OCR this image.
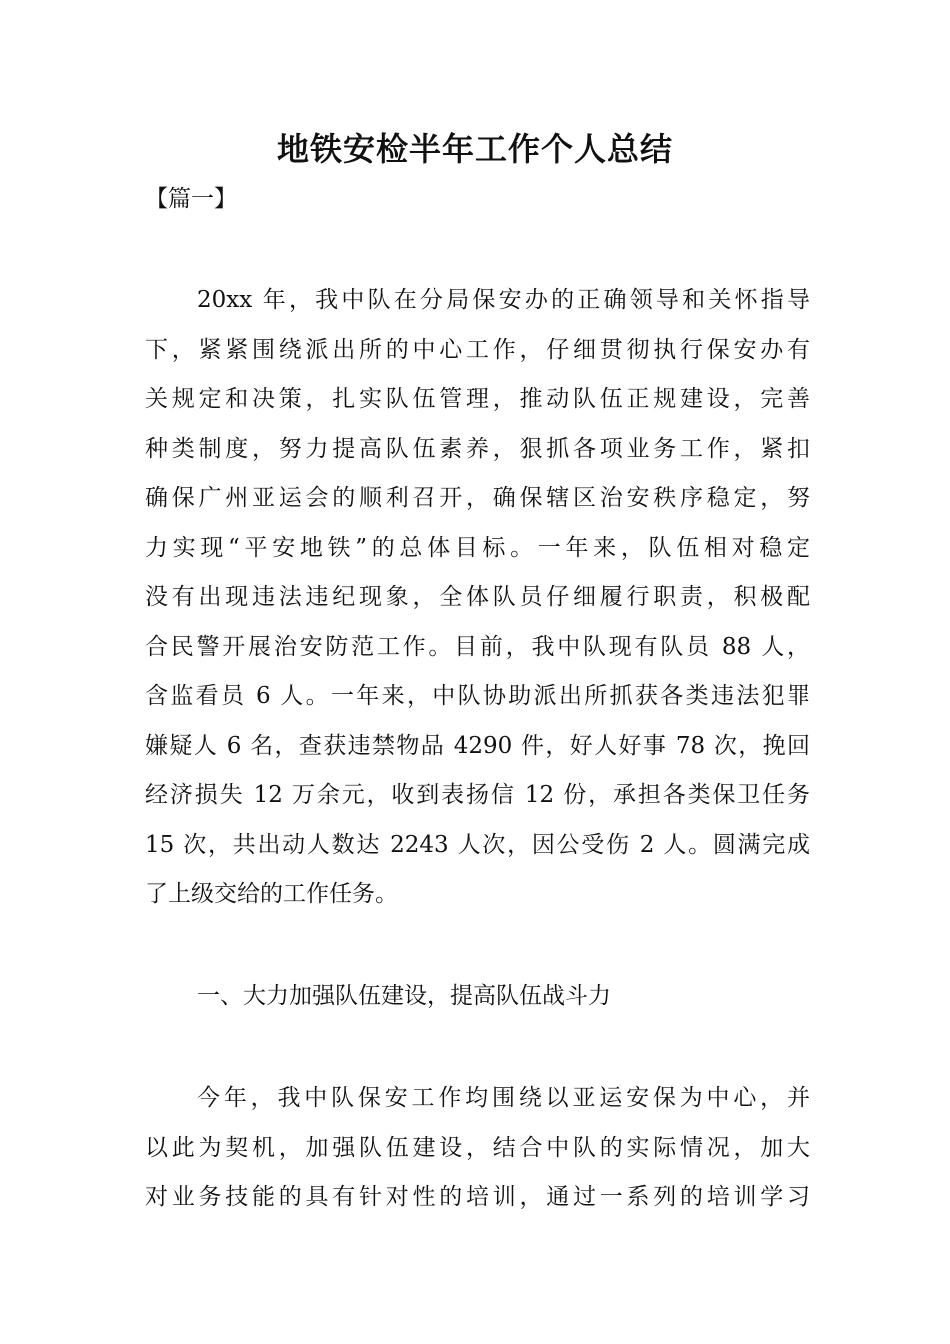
地铁安检半年工作个人总结
【篇一】
20xx 年，我中队在分局保安办的正确领导和关怀指导
下，紧紧围绕派出所的中心工作，仔细贯彻执行保安办有
关规定和决策，扎实队伍管理，推动队伍正规建设，完善
种类制度，努力提高队伍素养，狠抓各项业务工作，紧扣
确保广州亚运会的顺利召开，确保辖区治安秩序稳定，努
力实现“平安地铁”的总体目标。一年来，队伍相对稳定
没有出现违法违纪现象，全体队员仔细履行职责，积极配
合民警开展治安防范工作。目前，我中队现有队员 88 人，
含监看员 6 人。一年来，中队协助派出所抓获各类违法犯罪
嫌疑人 6 名，查获违禁物品 4290 件，好人好事 78 次，挽回
经济损失 12 万余元，收到表扬信 12 份，承担各类保卫任务
15 次，共出动人数达 2243 人次，因公受伤 2 人。圆满完成
了上级交给的工作任务。
一、大力加强队伍建设，提高队伍战斗力
今年，我中队保安工作均围绕以亚运安保为中心，并
以此为契机，加强队伍建设，结合中队的实际情况，加大
对业务技能的具有针对性的培训，通过一系列的培训学习
